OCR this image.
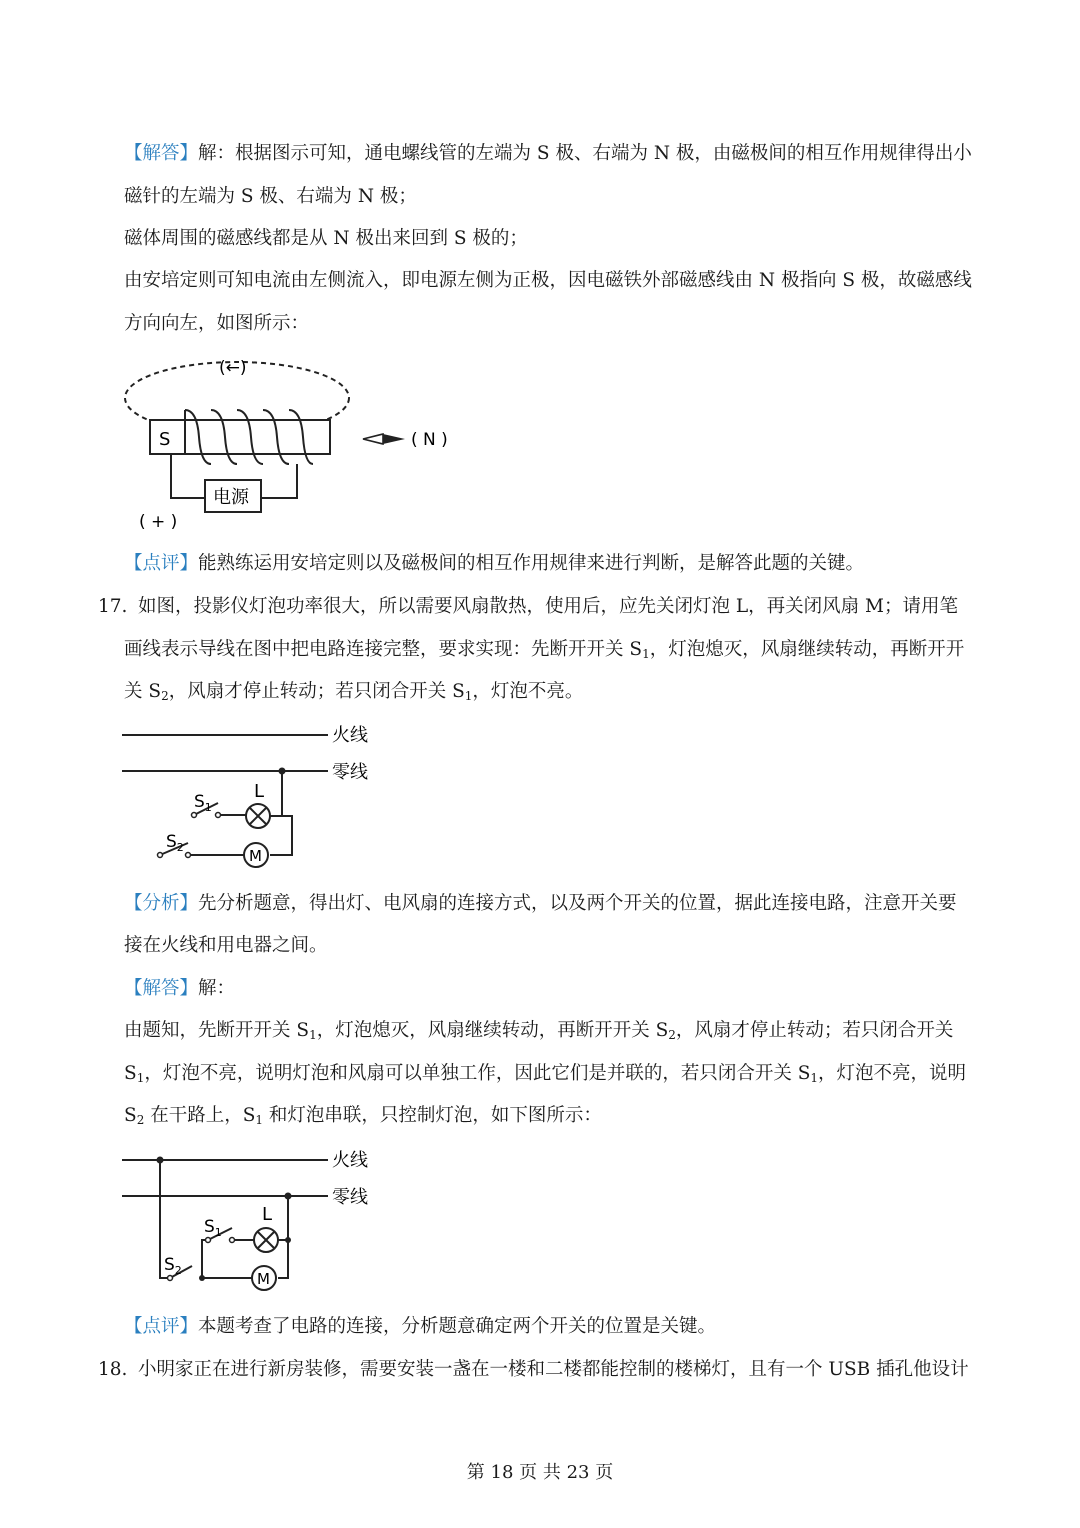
【解答】解：根据图示可知，通电螺线管的左端为 S 极、右端为 N 极，由磁极间的相互作用规律得出小
磁针的左端为 S 极、右端为 N 极；
磁体周围的磁感线都是从 N 极出来回到 S 极的；
由安培定则可知电流由左侧流入，即电源左侧为正极，因电磁铁外部磁感线由 N 极指向 S 极，故磁感线
方向向左，如图所示：
(←)
S
电源
( + )
( N )
【点评】能熟练运用安培定则以及磁极间的相互作用规律来进行判断，是解答此题的关键。
17. 如图，投影仪灯泡功率很大，所以需要风扇散热，使用后，应先关闭灯泡 L，再关闭风扇 M；请用笔
画线表示导线在图中把电路连接完整，要求实现：先断开开关 $S_1$，灯泡熄灭，风扇继续转动，再断开开
关 $S_2$，风扇才停止转动；若只闭合开关 $S_1$，灯泡不亮。
M
火线
零线
L
$S_1$
$S_2$
【分析】先分析题意，得出灯、电风扇的连接方式，以及两个开关的位置，据此连接电路，注意开关要
接在火线和用电器之间。
【解答】解：
由题知，先断开开关 $S_1$，灯泡熄灭，风扇继续转动，再断开开关 $S_2$，风扇才停止转动；若只闭合开关
$S_1$，灯泡不亮，说明灯泡和风扇可以单独工作，因此它们是并联的，若只闭合开关 $S_1$，灯泡不亮，说明
$S_2$ 在干路上，$S_1$ 和灯泡串联，只控制灯泡，如下图所示：
M
火线
零线
L
$S_1$
$S_2$
【点评】本题考查了电路的连接，分析题意确定两个开关的位置是关键。
18. 小明家正在进行新房装修，需要安装一盏在一楼和二楼都能控制的楼梯灯，且有一个 USB 插孔他设计
第 18 页 共 23 页
